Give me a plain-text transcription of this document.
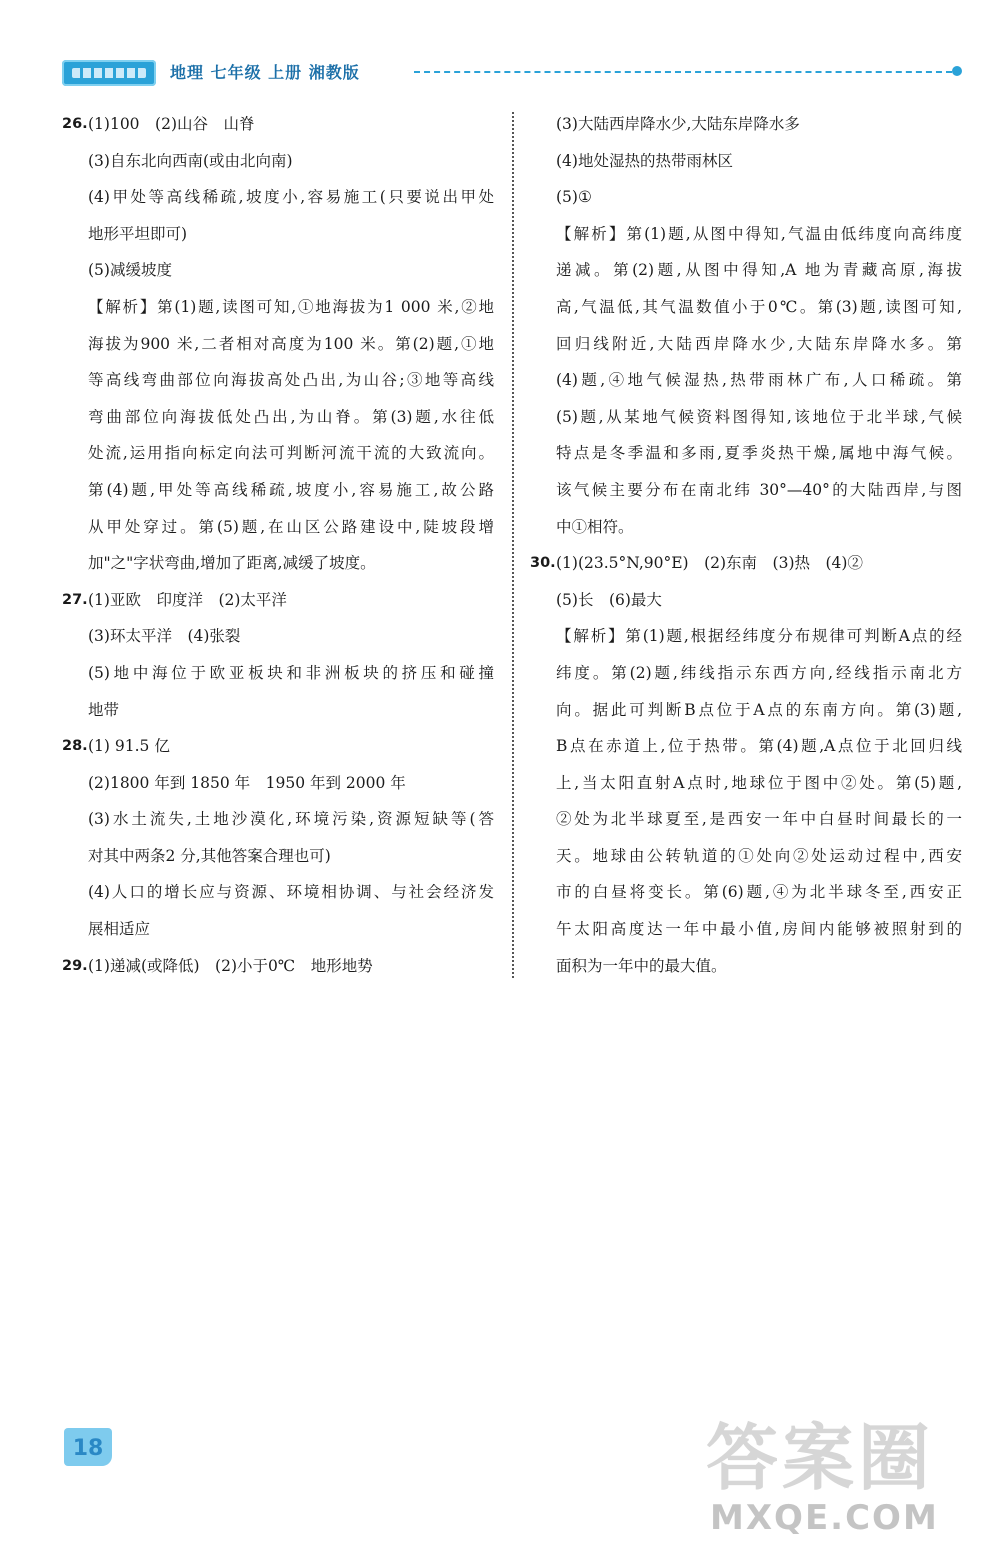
地理 七年级 上册 湘教版
26. (1)100　(2)山谷　山脊
(3)自东北向西南(或由北向南)
(4)甲处等高线稀疏,坡度小,容易施工(只要说出甲处
地形平坦即可)
(5)减缓坡度
【解析】第(1)题,读图可知,①地海拔为1 000 米,②地
海拔为900 米,二者相对高度为100 米。第(2)题,①地
等高线弯曲部位向海拔高处凸出,为山谷;③地等高线
弯曲部位向海拔低处凸出,为山脊。第(3)题,水往低
处流,运用指向标定向法可判断河流干流的大致流向。
第(4)题,甲处等高线稀疏,坡度小,容易施工,故公路
从甲处穿过。第(5)题,在山区公路建设中,陡坡段增
加"之"字状弯曲,增加了距离,减缓了坡度。
27. (1)亚欧　印度洋　(2)太平洋
(3)环太平洋　(4)张裂
(5)地中海位于欧亚板块和非洲板块的挤压和碰撞
地带
28. (1) 91.5 亿
(2)1800 年到 1850 年　1950 年到 2000 年
(3)水土流失,土地沙漠化,环境污染,资源短缺等(答
对其中两条2 分,其他答案合理也可)
(4)人口的增长应与资源、环境相协调、与社会经济发
展相适应
29. (1)递减(或降低)　(2)小于0℃　地形地势
(3)大陆西岸降水少,大陆东岸降水多
(4)地处湿热的热带雨林区
(5)①
【解析】第(1)题,从图中得知,气温由低纬度向高纬度
递减。第(2)题,从图中得知,A 地为青藏高原,海拔
高,气温低,其气温数值小于0℃。第(3)题,读图可知,
回归线附近,大陆西岸降水少,大陆东岸降水多。第
(4)题,④地气候湿热,热带雨林广布,人口稀疏。第
(5)题,从某地气候资料图得知,该地位于北半球,气候
特点是冬季温和多雨,夏季炎热干燥,属地中海气候。
该气候主要分布在南北纬 30°—40°的大陆西岸,与图
中①相符。
30. (1)(23.5°N,90°E)　(2)东南　(3)热　(4)②
(5)长　(6)最大
【解析】第(1)题,根据经纬度分布规律可判断A点的经
纬度。第(2)题,纬线指示东西方向,经线指示南北方
向。据此可判断B点位于A点的东南方向。第(3)题,
B点在赤道上,位于热带。第(4)题,A点位于北回归线
上,当太阳直射A点时,地球位于图中②处。第(5)题,
②处为北半球夏至,是西安一年中白昼时间最长的一
天。地球由公转轨道的①处向②处运动过程中,西安
市的白昼将变长。第(6)题,④为北半球冬至,西安正
午太阳高度达一年中最小值,房间内能够被照射到的
面积为一年中的最大值。
18	答案圈
MXQE.COM
